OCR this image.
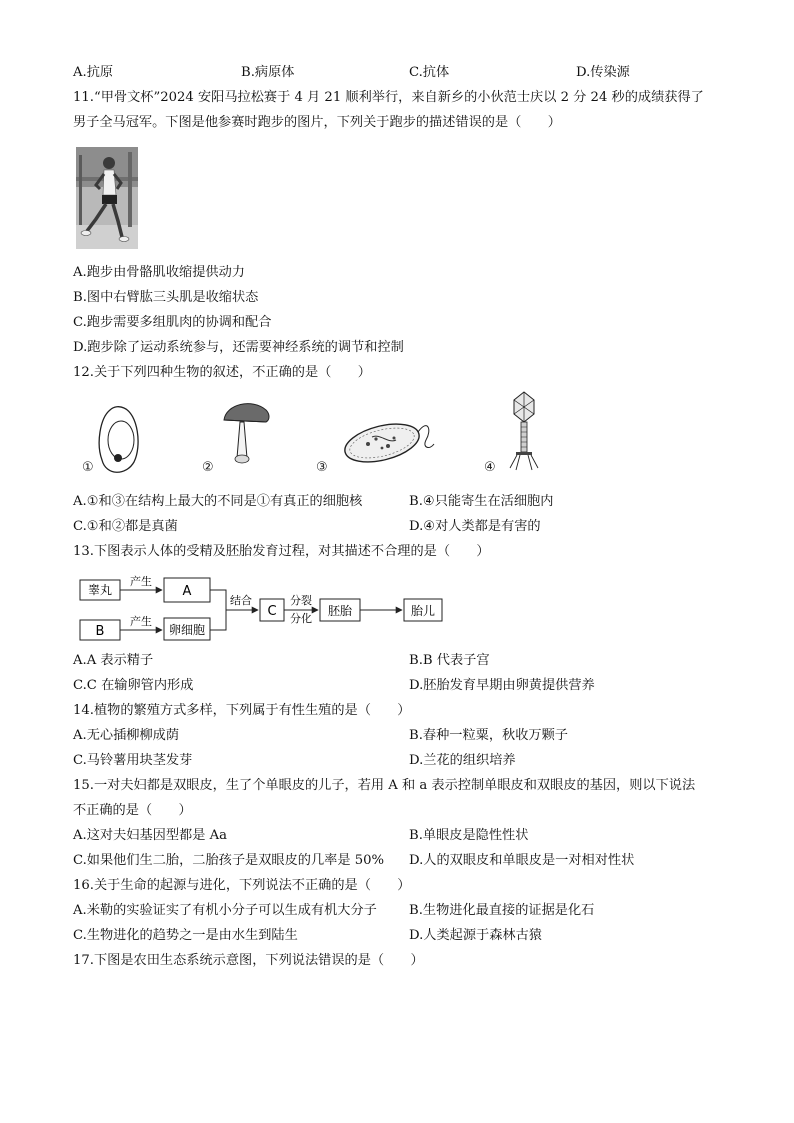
A.抗原	B.病原体	C.抗体	D.传染源
11.“甲骨文杯”2024 安阳马拉松赛于 4 月 21 顺利举行，来自新乡的小伙范士庆以 2 分 24 秒的成绩获得了
男子全马冠军。下图是他参赛时跑步的图片，下列关于跑步的描述错误的是（　　）
A.跑步由骨骼肌收缩提供动力
B.图中右臂肱三头肌是收缩状态
C.跑步需要多组肌肉的协调和配合
D.跑步除了运动系统参与，还需要神经系统的调节和控制
12.关于下列四种生物的叙述，不正确的是（　　）
①	②	③	④
A.①和③在结构上最大的不同是①有真正的细胞核	B.④只能寄生在活细胞内
C.①和②都是真菌	D.④对人类都是有害的
13.下图表示人体的受精及胚胎发育过程，对其描述不合理的是（　　）
睾丸
产生
A
B
产生
卵细胞
结合
C
分裂
分化
胚胎	胎儿
A.A 表示精子	B.B 代表子宫
C.C 在输卵管内形成	D.胚胎发育早期由卵黄提供营养
14.植物的繁殖方式多样，下列属于有性生殖的是（　　）
A.无心插柳柳成荫	B.春种一粒粟，秋收万颗子
C.马铃薯用块茎发芽	D.兰花的组织培养
15.一对夫妇都是双眼皮，生了个单眼皮的儿子，若用 A 和 a 表示控制单眼皮和双眼皮的基因，则以下说法
不正确的是（　　）
A.这对夫妇基因型都是 Aa	B.单眼皮是隐性性状
C.如果他们生二胎，二胎孩子是双眼皮的几率是 50% D.人的双眼皮和单眼皮是一对相对性状
16.关于生命的起源与进化，下列说法不正确的是（　　）
A.米勒的实验证实了有机小分子可以生成有机大分子 B.生物进化最直接的证据是化石
C.生物进化的趋势之一是由水生到陆生	D.人类起源于森林古猿
17.下图是农田生态系统示意图，下列说法错误的是（　　）
